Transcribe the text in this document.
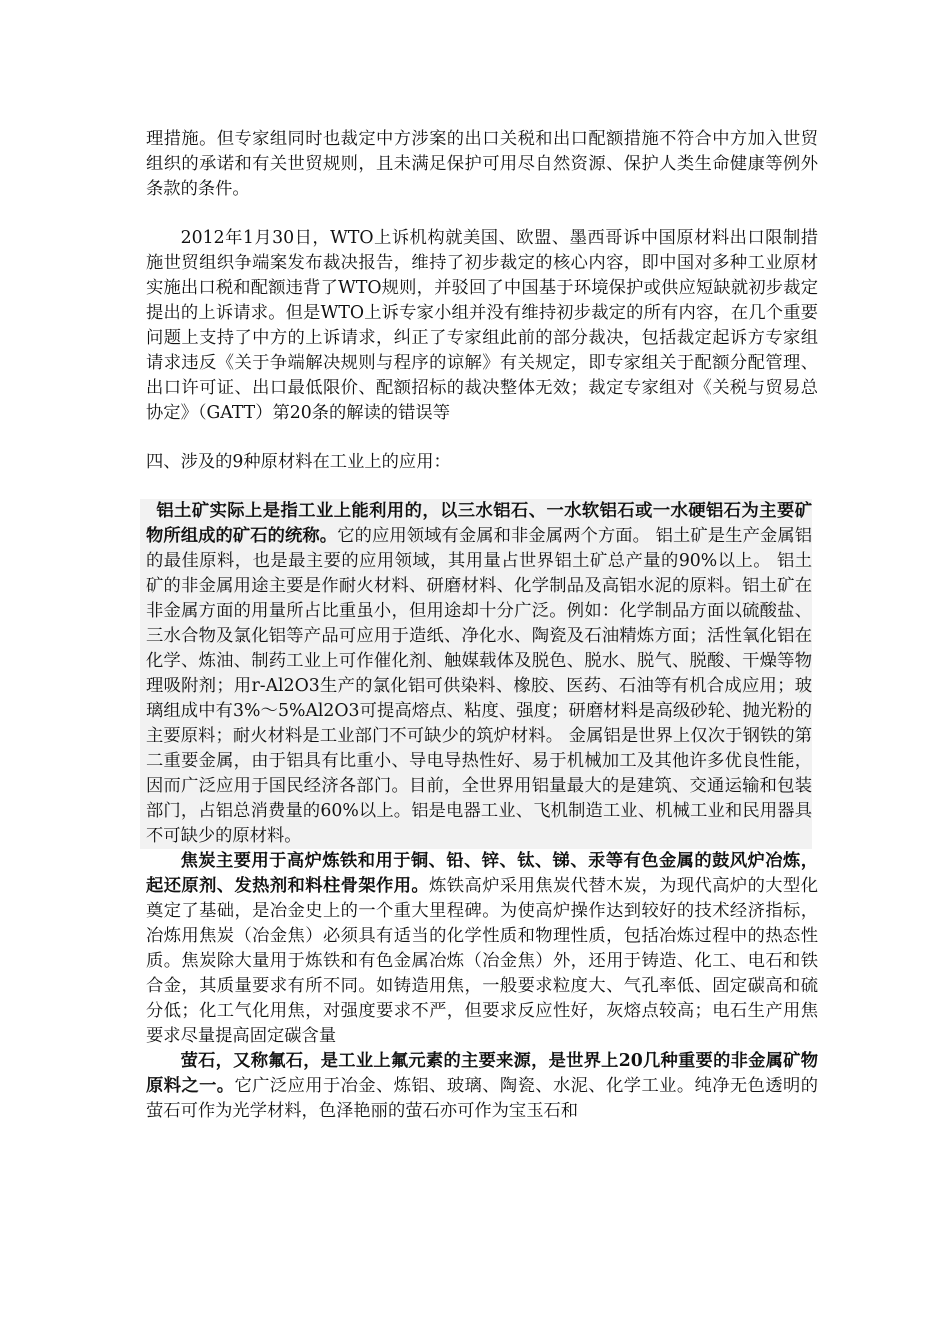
理措施。但专家组同时也裁定中方涉案的出口关税和出口配额措施不符合中方加入世贸组织的承诺和有关世贸规则，且未满足保护可用尽自然资源、保护人类生命健康等例外条款的条件。

2012年1月30日，WTO上诉机构就美国、欧盟、墨西哥诉中国原材料出口限制措施世贸组织争端案发布裁决报告，维持了初步裁定的核心内容，即中国对多种工业原材实施出口税和配额违背了WTO规则，并驳回了中国基于环境保护或供应短缺就初步裁定提出的上诉请求。但是WTO上诉专家小组并没有维持初步裁定的所有内容，在几个重要问题上支持了中方的上诉请求，纠正了专家组此前的部分裁决，包括裁定起诉方专家组请求违反《关于争端解决规则与程序的谅解》有关规定，即专家组关于配额分配管理、出口许可证、出口最低限价、配额招标的裁决整体无效；裁定专家组对《关税与贸易总协定》（GATT）第20条的解读的错误等

四、涉及的9种原材料在工业上的应用：

铝土矿实际上是指工业上能利用的，以三水铝石、一水软铝石或一水硬铝石为主要矿物所组成的矿石的统称。它的应用领域有金属和非金属两个方面。 铝土矿是生产金属铝的最佳原料，也是最主要的应用领域，其用量占世界铝土矿总产量的90%以上。 铝土矿的非金属用途主要是作耐火材料、研磨材料、化学制品及高铝水泥的原料。铝土矿在非金属方面的用量所占比重虽小，但用途却十分广泛。例如：化学制品方面以硫酸盐、三水合物及氯化铝等产品可应用于造纸、净化水、陶瓷及石油精炼方面；活性氧化铝在化学、炼油、制药工业上可作催化剂、触媒载体及脱色、脱水、脱气、脱酸、干燥等物理吸附剂；用r-Al2O3生产的氯化铝可供染料、橡胶、医药、石油等有机合成应用；玻璃组成中有3%～5%Al2O3可提高熔点、粘度、强度；研磨材料是高级砂轮、抛光粉的主要原料；耐火材料是工业部门不可缺少的筑炉材料。 金属铝是世界上仅次于钢铁的第二重要金属，由于铝具有比重小、导电导热性好、易于机械加工及其他许多优良性能，因而广泛应用于国民经济各部门。目前，全世界用铝量最大的是建筑、交通运输和包装部门，占铝总消费量的60%以上。铝是电器工业、飞机制造工业、机械工业和民用器具不可缺少的原材料。

焦炭主要用于高炉炼铁和用于铜、铅、锌、钛、锑、汞等有色金属的鼓风炉冶炼，起还原剂、发热剂和料柱骨架作用。炼铁高炉采用焦炭代替木炭，为现代高炉的大型化奠定了基础，是冶金史上的一个重大里程碑。为使高炉操作达到较好的技术经济指标，冶炼用焦炭（冶金焦）必须具有适当的化学性质和物理性质，包括冶炼过程中的热态性质。焦炭除大量用于炼铁和有色金属冶炼（冶金焦）外，还用于铸造、化工、电石和铁合金，其质量要求有所不同。如铸造用焦，一般要求粒度大、气孔率低、固定碳高和硫分低；化工气化用焦，对强度要求不严，但要求反应性好，灰熔点较高；电石生产用焦要求尽量提高固定碳含量

萤石，又称氟石，是工业上氟元素的主要来源，是世界上20几种重要的非金属矿物原料之一。它广泛应用于冶金、炼铝、玻璃、陶瓷、水泥、化学工业。纯净无色透明的萤石可作为光学材料，色泽艳丽的萤石亦可作为宝玉石和
